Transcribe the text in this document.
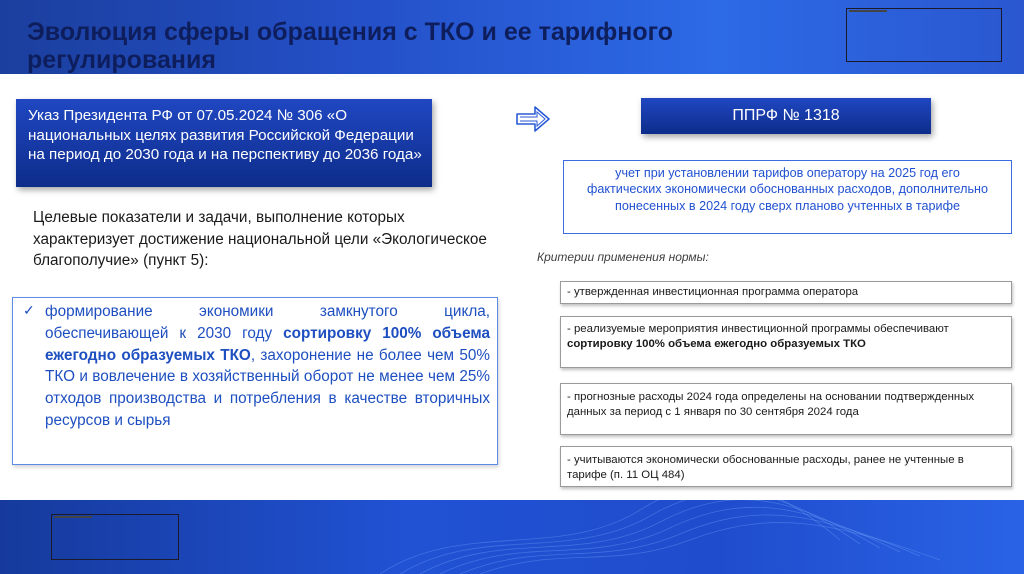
Эволюция сферы обращения с ТКО и ее тарифного регулирования
Указ Президента РФ от 07.05.2024 № 306 «О национальных целях развития Российской Федерации на период до 2030 года и на перспективу до 2036 года»
ППРФ № 1318
учет при установлении тарифов оператору на 2025 год его фактических экономически обоснованных расходов, дополнительно понесенных в 2024 году сверх планово учтенных в тарифе

Целевые показатели и задачи, выполнение которых характеризует достижение национальной цели «Экологическое благополучие» (пункт 5):	Критерии применения нормы:
✓ формирование экономики замкнутого цикла, обеспечивающей к 2030 году сортировку 100% объема ежегодно образуемых ТКО, захоронение не более чем 50% ТКО и вовлечение в хозяйственный оборот не менее чем 25% отходов производства и потребления в качестве вторичных ресурсов и сырья

- утвержденная инвестиционная программа оператора
- реализуемые мероприятия инвестиционной программы обеспечивают сортировку 100% объема ежегодно образуемых ТКО
- прогнозные расходы 2024 года определены на основании подтвержденных данных за период с 1 января по 30 сентября 2024 года
- учитываются экономически обоснованные расходы, ранее не учтенные в тарифе (п. 11 ОЦ 484)
